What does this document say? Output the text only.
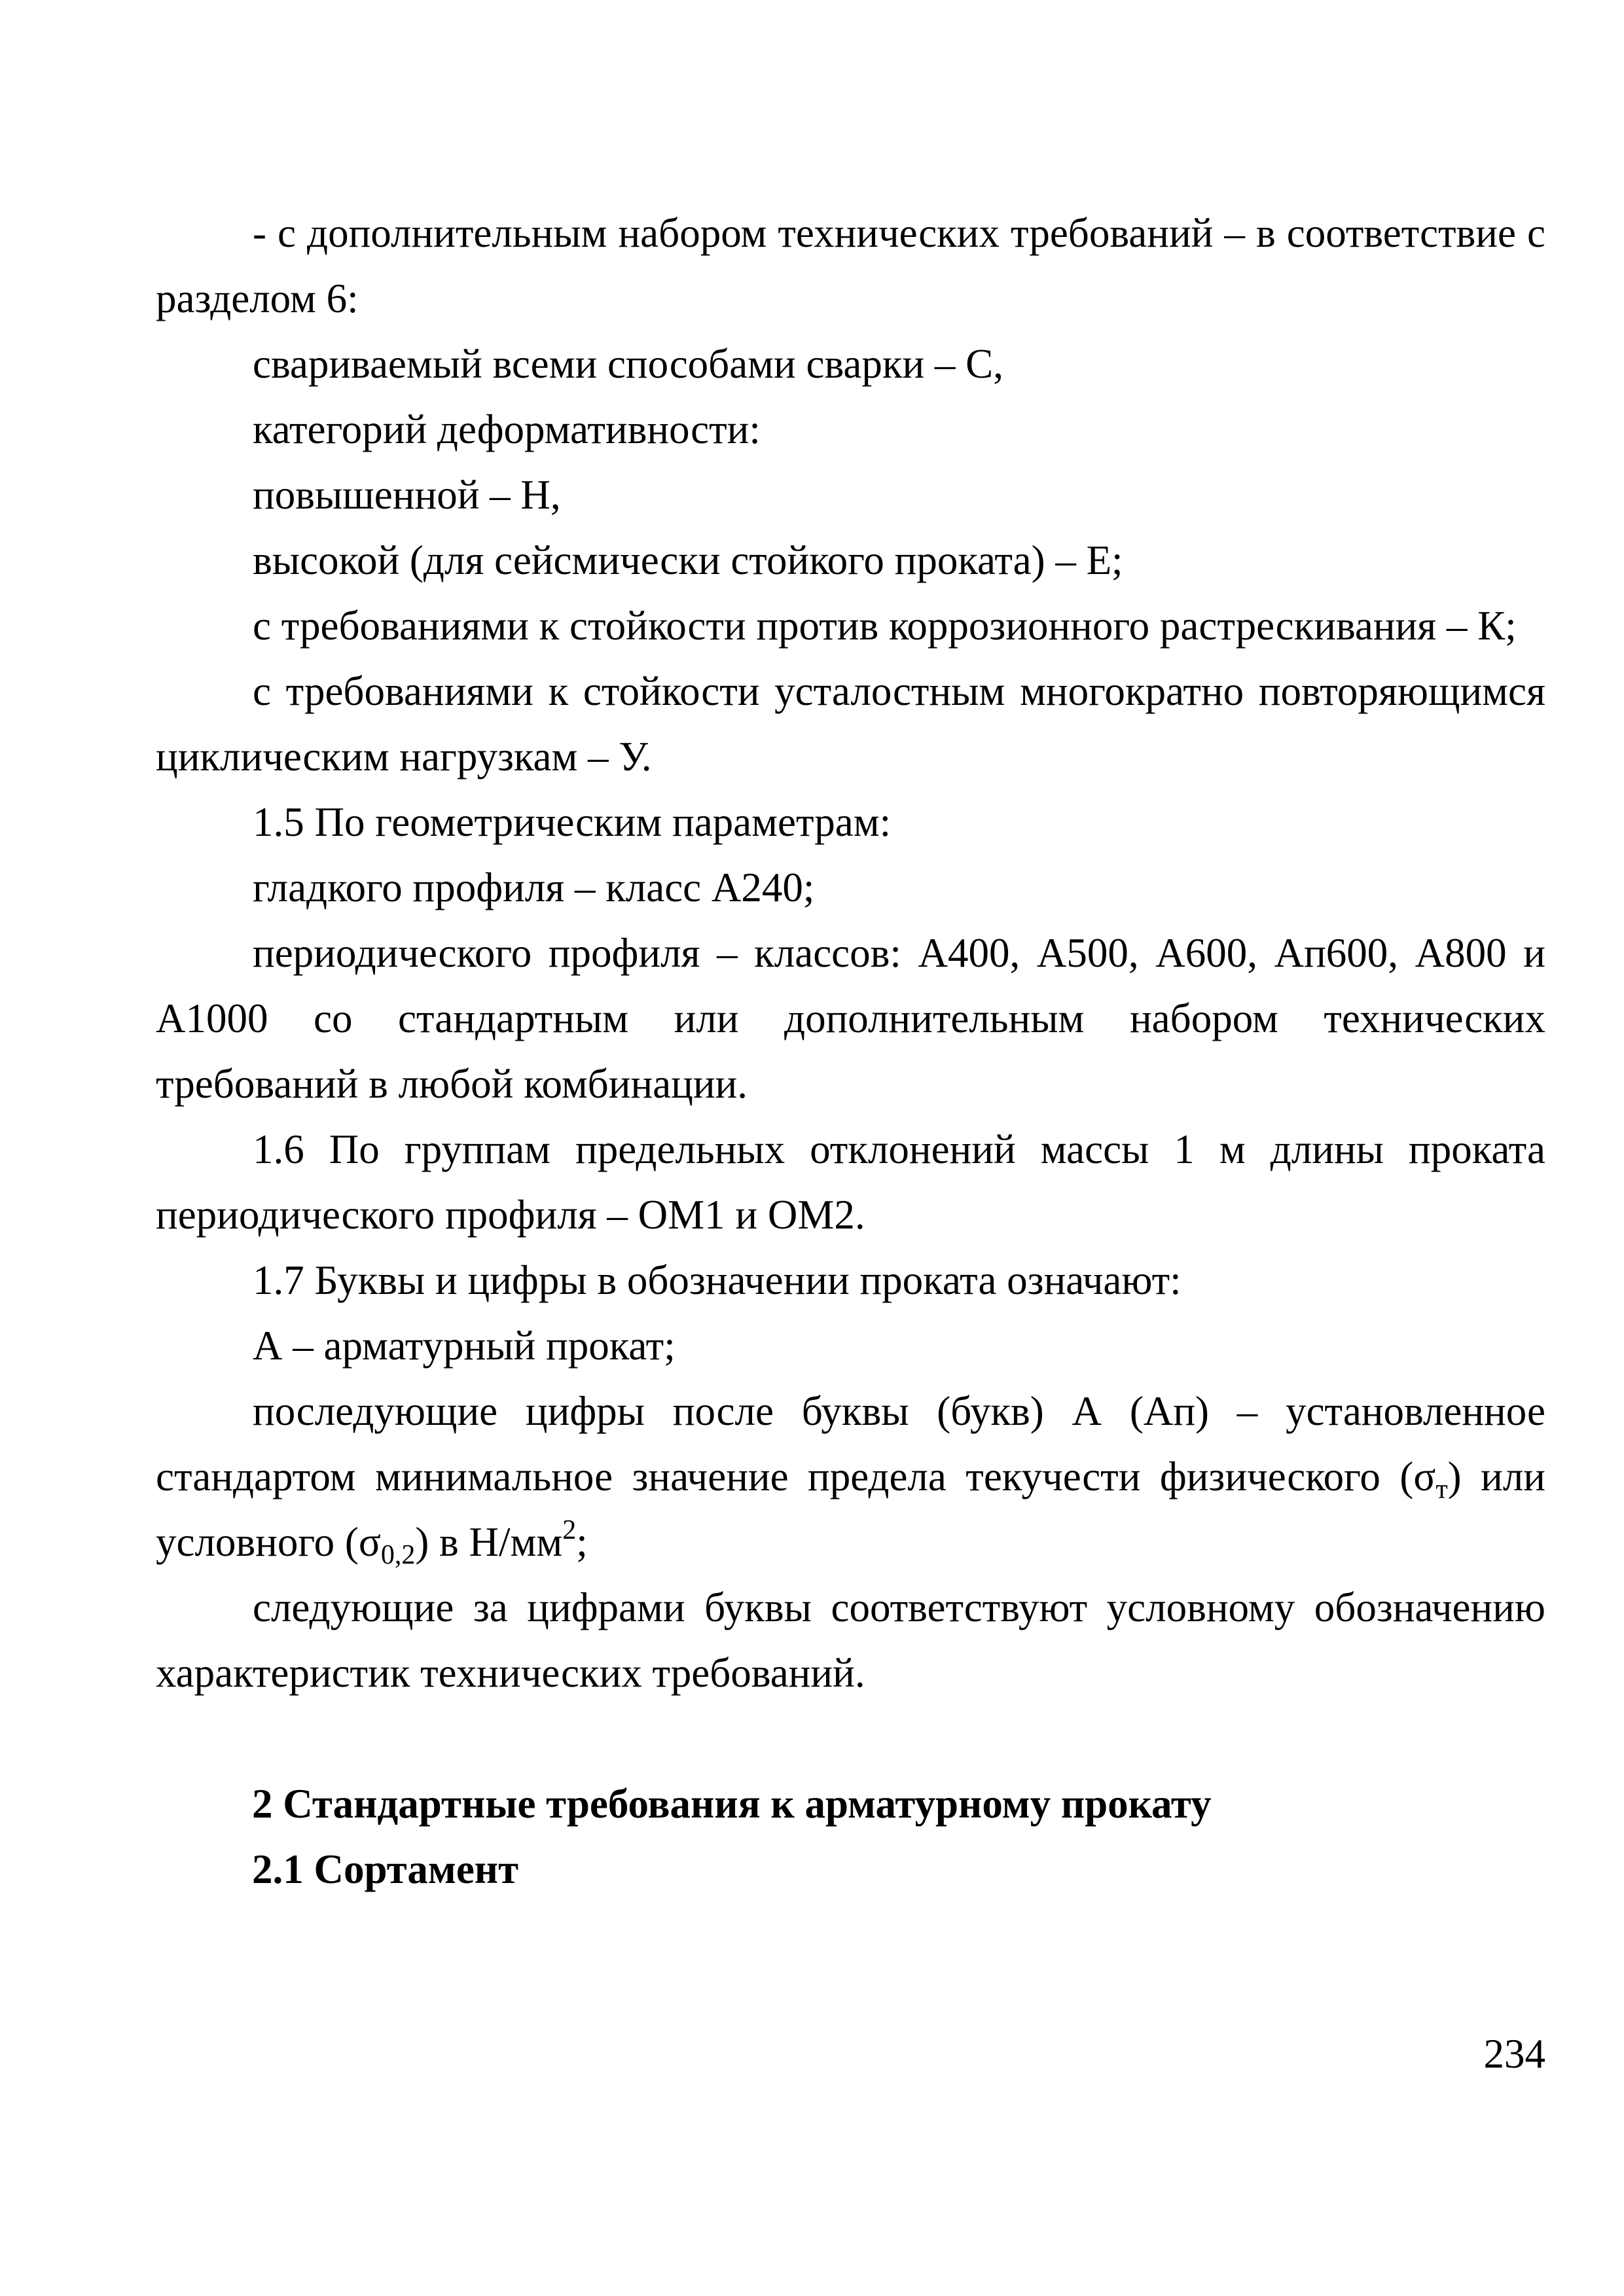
- с дополнительным набором технических требований – в соответствие с разделом 6:

свариваемый всеми способами сварки – С,

категорий деформативности:

повышенной – Н,

высокой (для сейсмически стойкого проката) – Е;

с требованиями к стойкости против коррозионного растрескивания – К;

с требованиями к стойкости усталостным многократно повторяющимся циклическим нагрузкам – У.

1.5 По геометрическим параметрам:

гладкого профиля – класс А240;

периодического профиля – классов: А400, А500, А600, Ап600, А800 и А1000 со стандартным или дополнительным набором технических требований в любой комбинации.

1.6 По группам предельных отклонений массы 1 м длины проката периодического профиля – ОМ1 и ОМ2.

1.7 Буквы и цифры в обозначении проката означают:

А – арматурный прокат;

последующие цифры после буквы (букв) А (Ап) – установленное стандартом минимальное значение предела текучести физического $(\sigma_т)$ или условного $(\sigma_{0,2})$ в $Н/мм^2$;

следующие за цифрами буквы соответствуют условному обозначению характеристик технических требований.

2 Стандартные требования к арматурному прокату

2.1 Сортамент

234
